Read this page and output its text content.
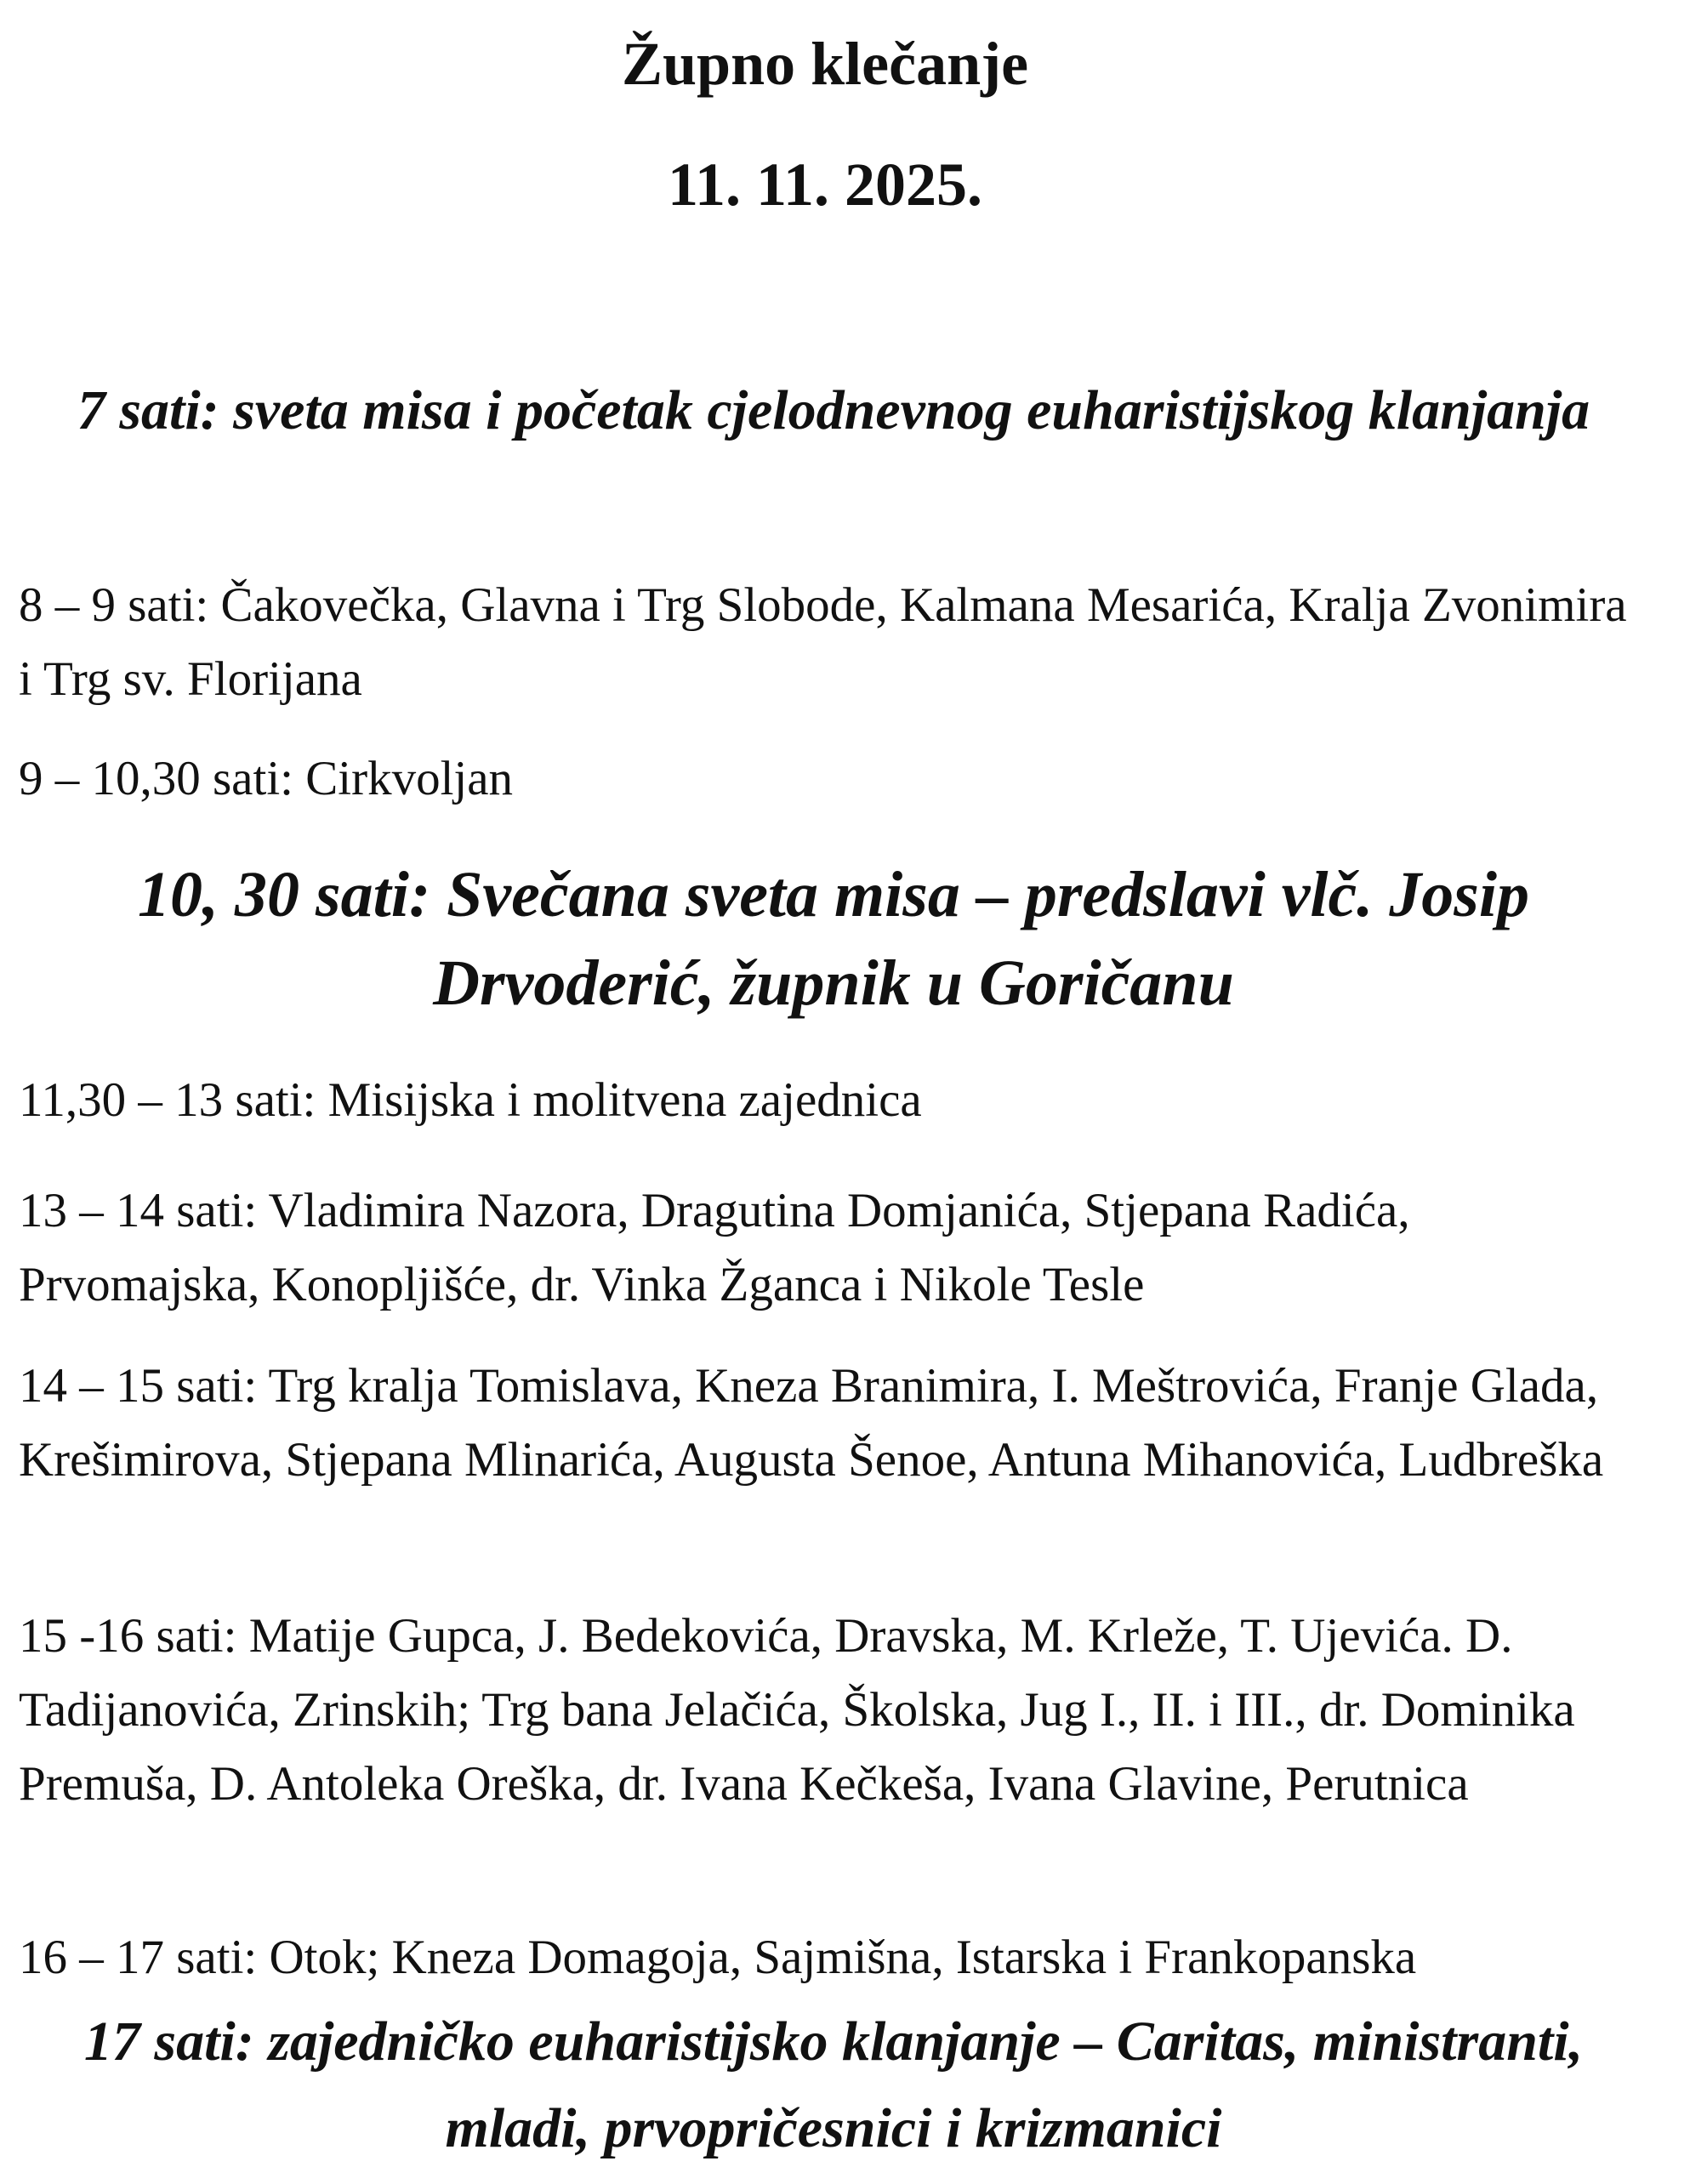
Župno klečanje
11. 11. 2025.

7 sati: sveta misa i početak cjelodnevnog euharistijskog klanjanja

8 – 9 sati: Čakovečka, Glavna i Trg Slobode, Kalmana Mesarića, Kralja Zvonimira i Trg sv. Florijana

9 – 10,30 sati: Cirkvoljan

10, 30 sati: Svečana sveta misa – predslavi vlč. Josip Drvoderić, župnik u Goričanu

11,30 – 13 sati: Misijska i molitvena zajednica

13 – 14 sati: Vladimira Nazora, Dragutina Domjanića, Stjepana Radića, Prvomajska, Konopljišće, dr. Vinka Žganca i Nikole Tesle

14 – 15 sati: Trg kralja Tomislava, Kneza Branimira, I. Meštrovića, Franje Glada, Krešimirova, Stjepana Mlinarića, Augusta Šenoe, Antuna Mihanovića, Ludbreška

15 -16 sati: Matije Gupca, J. Bedekovića, Dravska, M. Krleže, T. Ujevića. D. Tadijanovića, Zrinskih; Trg bana Jelačića, Školska, Jug I., II. i III., dr. Dominika Premuša, D. Antoleka Oreška, dr. Ivana Kečkeša, Ivana Glavine, Perutnica

16 – 17 sati: Otok; Kneza Domagoja, Sajmišna, Istarska i Frankopanska

17 sati: zajedničko euharistijsko klanjanje – Caritas, ministranti, mladi, prvopričesnici i krizmanici
